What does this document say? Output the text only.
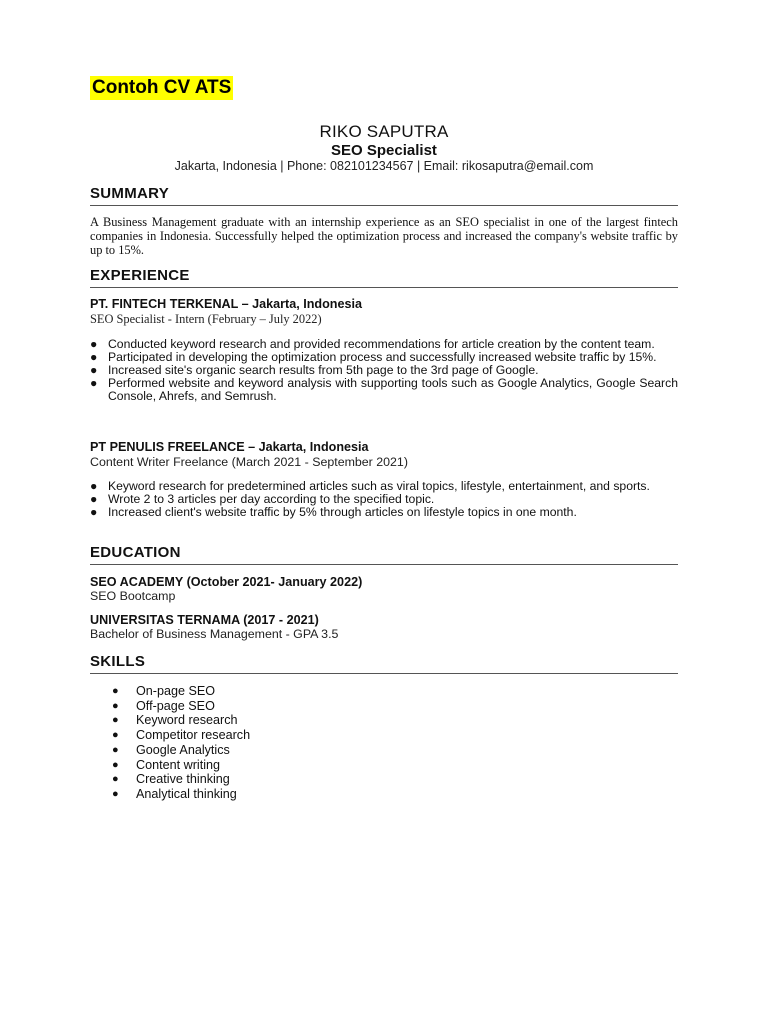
Contoh CV ATS
RIKO SAPUTRA
SEO Specialist
Jakarta, Indonesia | Phone: 082101234567 | Email: rikosaputra@email.com
SUMMARY
A Business Management graduate with an internship experience as an SEO specialist in one of the largest fintech companies in Indonesia. Successfully helped the optimization process and increased the company's website traffic by up to 15%.
EXPERIENCE
PT. FINTECH TERKENAL – Jakarta, Indonesia
SEO Specialist - Intern (February – July 2022)
● Conducted keyword research and provided recommendations for article creation by the content team.
● Participated in developing the optimization process and successfully increased website traffic by 15%.
● Increased site's organic search results from 5th page to the 3rd page of Google.
● Performed website and keyword analysis with supporting tools such as Google Analytics, Google Search Console, Ahrefs, and Semrush.
PT PENULIS FREELANCE – Jakarta, Indonesia
Content Writer Freelance (March 2021 - September 2021)
● Keyword research for predetermined articles such as viral topics, lifestyle, entertainment, and sports.
● Wrote 2 to 3 articles per day according to the specified topic.
● Increased client's website traffic by 5% through articles on lifestyle topics in one month.
EDUCATION
SEO ACADEMY (October 2021- January 2022)
SEO Bootcamp
UNIVERSITAS TERNAMA (2017 - 2021)
Bachelor of Business Management - GPA 3.5
SKILLS
● On-page SEO
● Off-page SEO
● Keyword research
● Competitor research
● Google Analytics
● Content writing
● Creative thinking
● Analytical thinking
